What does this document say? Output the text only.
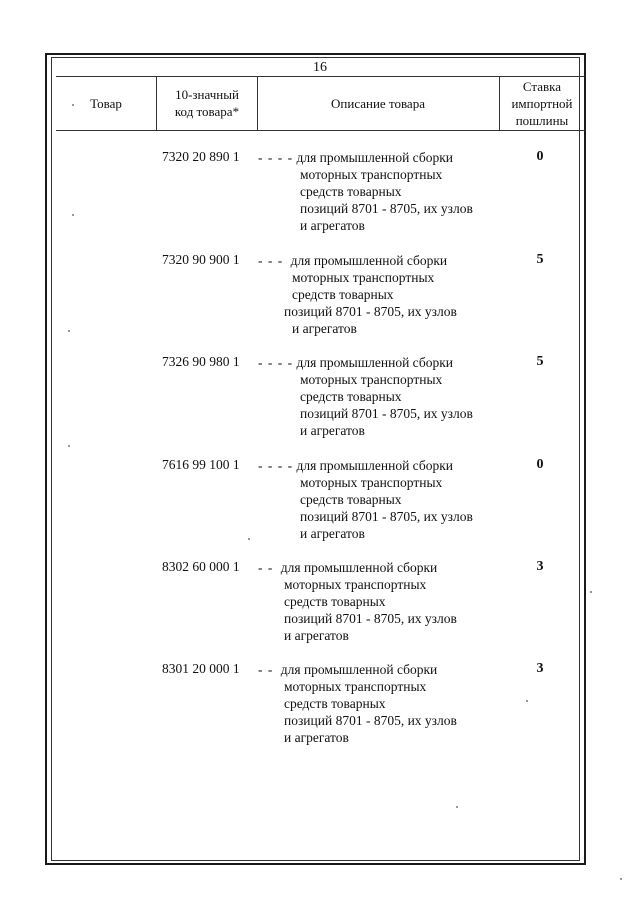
16
Товар
10-значный
код товара*
Описание товара
Ставка
импортной
пошлины
7320 20 890 1 - - - - для промышленной сборки
моторных транспортных
средств товарных
позиций 8701 - 8705, их узлов
и агрегатов
0
7320 90 900 1 - - - для промышленной сборки
моторных транспортных
средств товарных
позиций 8701 - 8705, их узлов
и агрегатов
5
7326 90 980 1 - - - - для промышленной сборки
моторных транспортных
средств товарных
позиций 8701 - 8705, их узлов
и агрегатов
5
7616 99 100 1 - - - - для промышленной сборки
моторных транспортных
средств товарных
позиций 8701 - 8705, их узлов
и агрегатов
0
8302 60 000 1 - - для промышленной сборки
моторных транспортных
средств товарных
позиций 8701 - 8705, их узлов
и агрегатов
3
8301 20 000 1 - - для промышленной сборки
моторных транспортных
средств товарных
позиций 8701 - 8705, их узлов
и агрегатов
3
